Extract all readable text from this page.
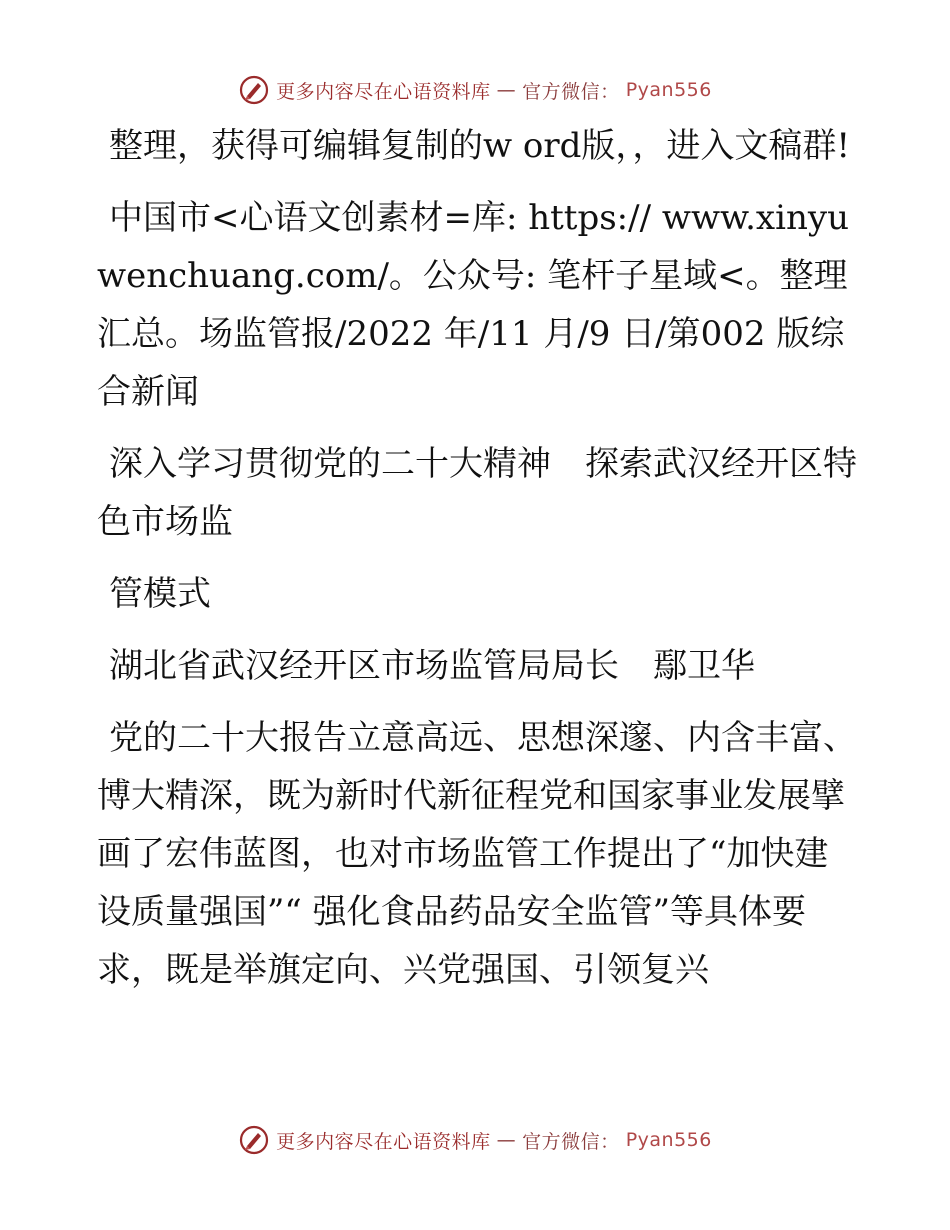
更多内容尽在心语资料库 — 官方微信： Pyan556

整理，获得可编辑复制的w ord版，，进入文稿群!

中国市<心语文创素材=库: https:// www.xinyuwenchuang.com/。公众号: 笔杆子星域<。整理汇总。场监管报/2022 年/11 月/9 日/第002 版综合新闻

深入学习贯彻党的二十大精神　探索武汉经开区特色市场监

管模式

湖北省武汉经开区市场监管局局长　鄢卫华

党的二十大报告立意高远、思想深邃、内含丰富、博大精深，既为新时代新征程党和国家事业发展擘画了宏伟蓝图，也对市场监管工作提出了“加快建设质量强国”“ 强化食品药品安全监管”等具体要求，既是举旗定向、兴党强国、引领复兴

更多内容尽在心语资料库 — 官方微信： Pyan556
